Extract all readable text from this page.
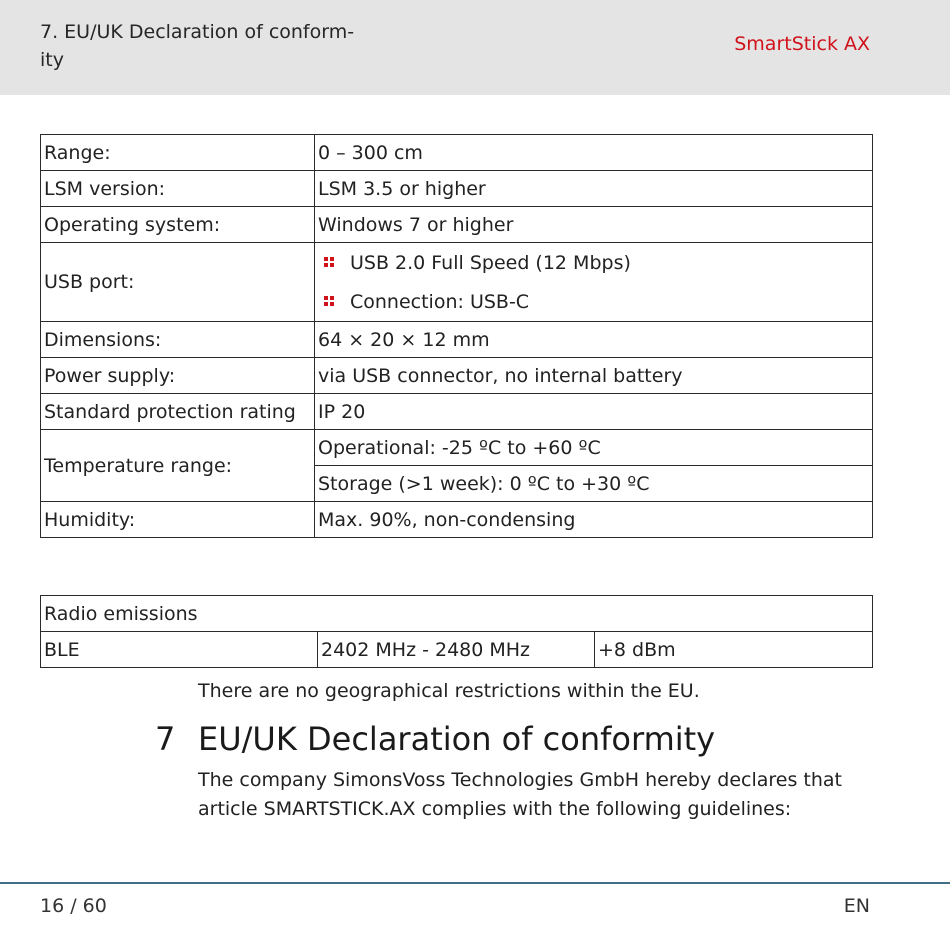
7. EU/UK Declaration of conform- ity
SmartStick AX
Range:	0 – 300 cm
LSM version:	LSM 3.5 or higher
Operating system:	Windows 7 or higher
USB port:	USB 2.0 Full Speed (12 Mbps)
Connection: USB-C

Dimensions:	64 × 20 × 12 mm
Power supply:	via USB connector, no internal battery
Standard protection rating	IP 20
Temperature range:	Operational: -25 ºC to +60 ºC
	Storage (>1 week): 0 ºC to +30 ºC
Humidity:	Max. 90%, non-condensing
Radio emissions
BLE	2402 MHz - 2480 MHz	+8 dBm
There are no geographical restrictions within the EU.
7 EU/UK Declaration of conformity
The company SimonsVoss Technologies GmbH hereby declares that article SMARTSTICK.AX complies with the following guidelines:
16 / 60	EN
